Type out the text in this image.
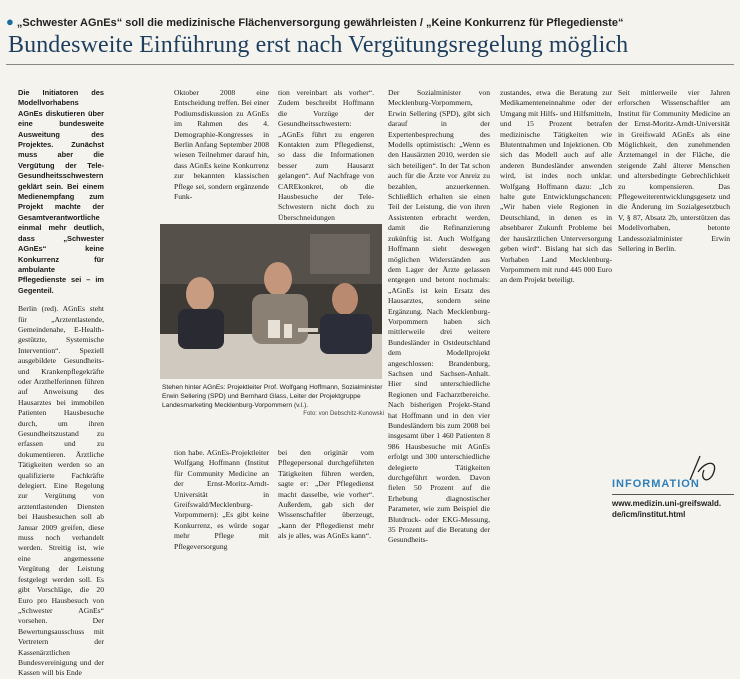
● „Schwester AGnEs“ soll die medizinische Flächenversorgung gewährleisten / „Keine Konkurrenz für Pflegedienste“
Bundesweite Einführung erst nach Vergütungsregelung möglich

Die Initiatoren des Modellvorhabens AGnEs diskutieren über eine bundesweite Ausweitung des Projektes. Zunächst muss aber die Vergütung der Tele-Gesundheitsschwestern geklärt sein. Bei einem Medienempfang zum Projekt machte der Gesamtverantwortliche einmal mehr deutlich, dass „Schwester AGnEs“ keine Konkurrenz für ambulante Pflegedienste sei – im Gegenteil.

Berlin (red). AGnEs steht für „Arztentlastende, Gemeindenahe, E-Health-gestützte, Systemische Intervention“. Speziell ausgebildete Gesundheits- und Krankenpflegekräfte oder Arzthelferinnen führen auf Anweisung des Hausarztes bei immobilen Patienten Hausbesuche durch, um ihren Gesundheitszustand zu erfassen und zu dokumentieren. Ärztliche Tätigkeiten werden so an qualifizierte Fachkräfte delegiert. Eine Regelung zur Vergütung von arztentlastenden Diensten bei Hausbesuchen soll ab Januar 2009 greifen, diese muss noch verhandelt werden. Streitig ist, wie eine angemessene Vergütung der Leistung festgelegt werden soll. Es gibt Vorschläge, die 20 Euro pro Hausbesuch von „Schwester AGnEs“ vorsehen. Der Bewertungsausschuss mit Vertretern der Kassenärztlichen Bundesvereinigung und der Kassen will bis Ende

Oktober 2008 eine Entscheidung treffen. Bei einer Podiumsdiskussion zu AGnEs im Rahmen des 4. Demographie-Kongresses in Berlin Anfang September 2008 wiesen Teilnehmer darauf hin, dass AGnEs keine Konkurrenz zur bekannten klassischen Pflege sei, sondern ergänzende Funk-

tion vereinbart als vorher“. Zudem beschreibt Hoffmann die Vorzüge der Gesundheitsschwestern: „AGnEs führt zu engeren Kontakten zum Pflegedienst, so dass die Informationen besser zum Hausarzt gelangen“. Auf Nachfrage von CAREkonkret, ob die Hausbesuche der Tele-Schwestern nicht doch zu Überschneidungen

Stehen hinter AGnEs: Projektleiter Prof. Wolfgang Hoffmann, Sozialminister Erwin Sellering (SPD) und Bernhard Glass, Leiter der Projektgruppe Landesmarketing Mecklenburg-Vorpommern (v.l.).
Foto: von Debschitz-Kunowski
tion habe. AGnEs-Projektleiter Wolfgang Hoffmann (Institut für Community Medicine an der Ernst-Moritz-Arndt-Universität in Greifswald/Mecklenburg-Vorpommern): „Es gibt keine Konkurrenz, es würde sogar mehr Pflege mit Pflegeversorgung
bei den originär vom Pflegepersonal durchgeführten Tätigkeiten führen werden, sagte er: „Der Pflegedienst macht dasselbe, wie vorher“. Außerdem, gab sich der Wissenschaftler überzeugt, „kann der Pflegedienst mehr als je alles, was AGnEs kann“.
Der Sozialminister von Mecklenburg-Vorpommern, Erwin Sellering (SPD), gibt sich darauf in der Expertenbesprechung des Modells optimistisch: „Wenn es den Hausärzten 2010, werden sie sich beteiligen“. In der Tat schon auch für die Ärzte vor Anreiz zu bezahlen, anzuerkennen. Schließlich erhalten sie einen Teil der Leistung, die von ihren Assistenten erbracht werden, damit die Refinanzierung zukünftig ist. Auch Wolfgang Hoffmann sieht deswegen möglichen Widerständen aus dem Lager der Ärzte gelassen entgegen und betont nochmals: „AGnEs ist kein Ersatz des Hausarztes, sondern seine Ergänzung. Nach Mecklenburg-Vorpommern haben sich mittlerweile drei weitere Bundesländer in Ostdeutschland dem Modellprojekt angeschlossen: Brandenburg, Sachsen und Sachsen-Anhalt. Hier sind unterschiedliche Regionen und Facharztbereiche. Nach bisherigen Projekt-Stand hat Hoffmann und in den vier Bundesländern bis zum 2008 bei insgesamt über 1 460 Patienten 8 986 Hausbesuche mit AGnEs erfolgt und 300 unterschiedliche delegierte Tätigkeiten durchgeführt worden. Davon fielen 50 Prozent auf die Erhebung diagnostischer Parameter, wie zum Beispiel die Blutdruck- oder EKG-Messung, 35 Prozent auf die Beratung der Gesundheits-
zustandes, etwa die Beratung zur Medikamenteneinnahme oder der Umgang mit Hilfs- und Hilfsmitteln, und 15 Prozent betrafen medizinische Tätigkeiten wie Blutentnahmen und Injektionen. Ob sich das Modell auch auf alle anderen Bundesländer anwenden wird, ist indes noch unklar. Wolfgang Hoffmann dazu: „Ich halte gute Entwicklungschancen: „Wir haben viele Regionen in Deutschland, in denen es in absehbarer Zukunft Probleme bei der hausärztlichen Unterversorgung geben wird“. Bislang hat sich das Vorhaben Land Mecklenburg-Vorpommern mit rund 445 000 Euro an dem Projekt beteiligt.
Seit mittlerweile vier Jahren erforschen Wissenschaftler am Institut für Community Medicine an der Ernst-Moritz-Arndt-Universität in Greifswald AGnEs als eine Möglichkeit, den zunehmenden Ärztemangel in der Fläche, die steigende Zahl älterer Menschen und altersbedingte Gebrechlichkeit zu kompensieren. Das Pflegeweiterentwicklungsgesetz und die Änderung im Sozialgesetzbuch V, § 87, Absatz 2b, unterstützen das Modellvorhaben, betonte Landessozialminister Erwin Sellering in Berlin.
INFORMATION
www.medizin.uni-greifswald.
de/icm/institut.html
